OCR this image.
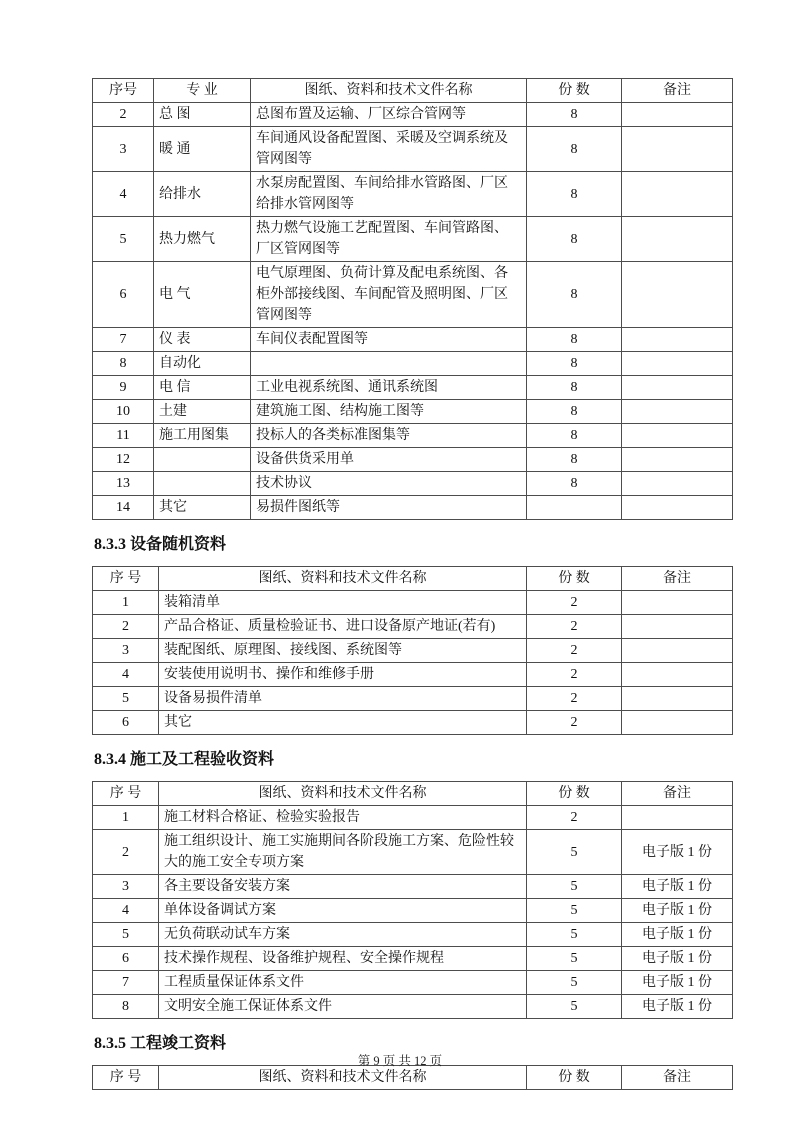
序号	专 业	图纸、资料和技术文件名称	份 数	备注
2	总 图	总图布置及运输、厂区综合管网等	8	
3	暖 通	车间通风设备配置图、采暖及空调系统及管网图等	8	
4	给排水	水泵房配置图、车间给排水管路图、厂区给排水管网图等	8	
5	热力燃气	热力燃气设施工艺配置图、车间管路图、厂区管网图等	8	
6	电 气	电气原理图、负荷计算及配电系统图、各柜外部接线图、车间配管及照明图、厂区管网图等	8	
7	仪 表	车间仪表配置图等	8	
8	自动化		8	
9	电 信	工业电视系统图、通讯系统图	8	
10	土建	建筑施工图、结构施工图等	8	
11	施工用图集	投标人的各类标准图集等	8	
12		设备供货采用单	8	
13		技术协议	8	
14	其它	易损件图纸等		
8.3.3 设备随机资料
序 号	图纸、资料和技术文件名称	份 数	备注
1	装箱清单	2	
2	产品合格证、质量检验证书、进口设备原产地证(若有)	2	
3	装配图纸、原理图、接线图、系统图等	2	
4	安装使用说明书、操作和维修手册	2	
5	设备易损件清单	2	
6	其它	2	
8.3.4 施工及工程验收资料
序 号	图纸、资料和技术文件名称	份 数	备注
1	施工材料合格证、检验实验报告	2	
2	施工组织设计、施工实施期间各阶段施工方案、危险性较大的施工安全专项方案	5	电子版 1 份
3	各主要设备安装方案	5	电子版 1 份
4	单体设备调试方案	5	电子版 1 份
5	无负荷联动试车方案	5	电子版 1 份
6	技术操作规程、设备维护规程、安全操作规程	5	电子版 1 份
7	工程质量保证体系文件	5	电子版 1 份
8	文明安全施工保证体系文件	5	电子版 1 份
8.3.5 工程竣工资料
序 号	图纸、资料和技术文件名称	份 数	备注
第 9 页 共 12 页
